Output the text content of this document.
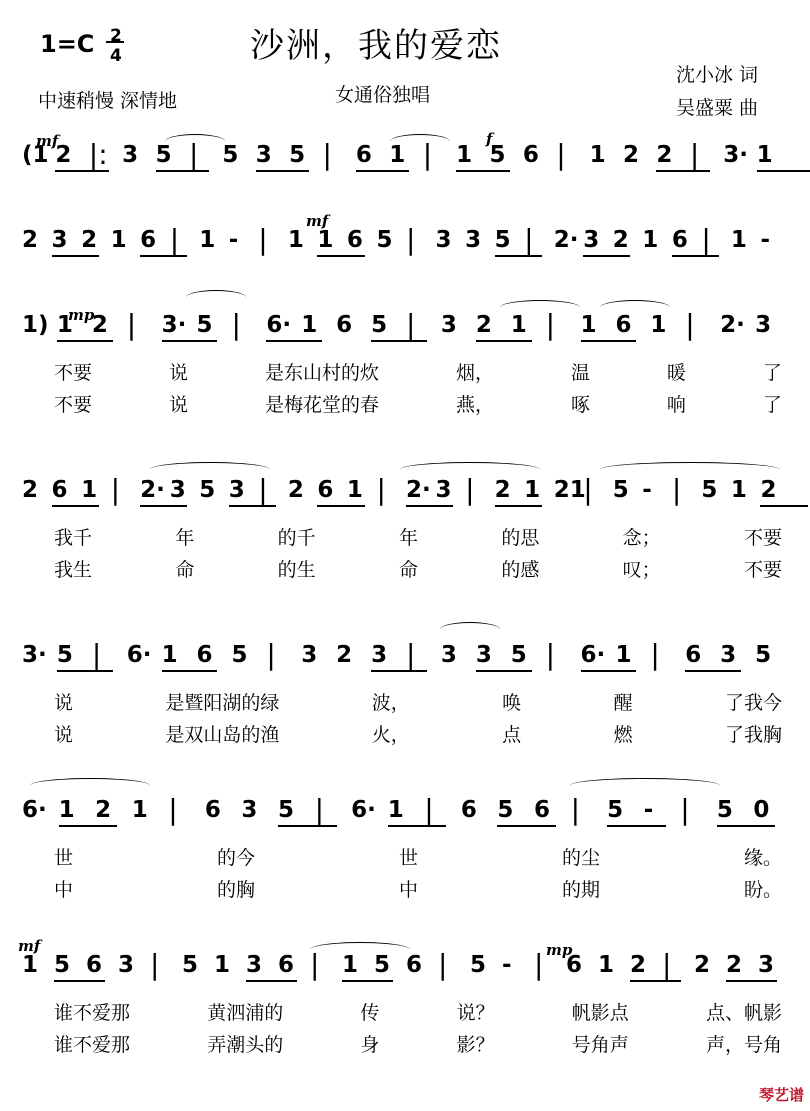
沙洲，我的爱恋
1=C 2
4
中速稍慢 深情地	女通俗独唱
沈小冰 词
吴盛粟 曲
(1 2 |: 3 5 | 5 3 5 | 6 1 | 1 5 6 | 1 2 2 | 3· 1
2 3 2 1 6 | 1 - | 1 1 6 5 | 3 3 5 | 2· 3 2 1 6 | 1 -
1) 1 2 | 3· 5 | 6· 1 6 5 | 3 2 1 | 1 6 1 | 2· 3
不要	说	是东山村的炊	烟，	温	暖	了
不要	说	是梅花堂的春	燕，	啄	响	了
2 6 1 | 2· 3 5 3 | 2 6 1 | 2· 3 | 2 1 21
| 5 - | 5 1 2
我千	年	的千	年	的思	念；	不要
我生	命	的生	命	的感	叹；	不要
3· 5 | 6· 1 6 5 | 3 2 3 | 3 3 5 | 6· 1 | 6 3 5
说	是暨阳湖的绿	波，	唤	醒	了我今
说	是双山岛的渔	火，	点	燃	了我胸
6· 1 2 1 | 6 3 5 | 6· 1 | 6 5 6 | 5 - | 5 0
世	的今	世	的尘	缘。
中	的胸	中	的期	盼。
1 5 6 3 | 5 1 3 6 | 1 5 6 | 5 - | 6 1 2 | 2 2 3
谁不爱那	黄泗浦的	传	说？	帆影点	点、帆影
谁不爱那	弄潮头的	身	影？	号角声	声，号角
mf	f
mf
mp
mf	mp
琴艺谱
